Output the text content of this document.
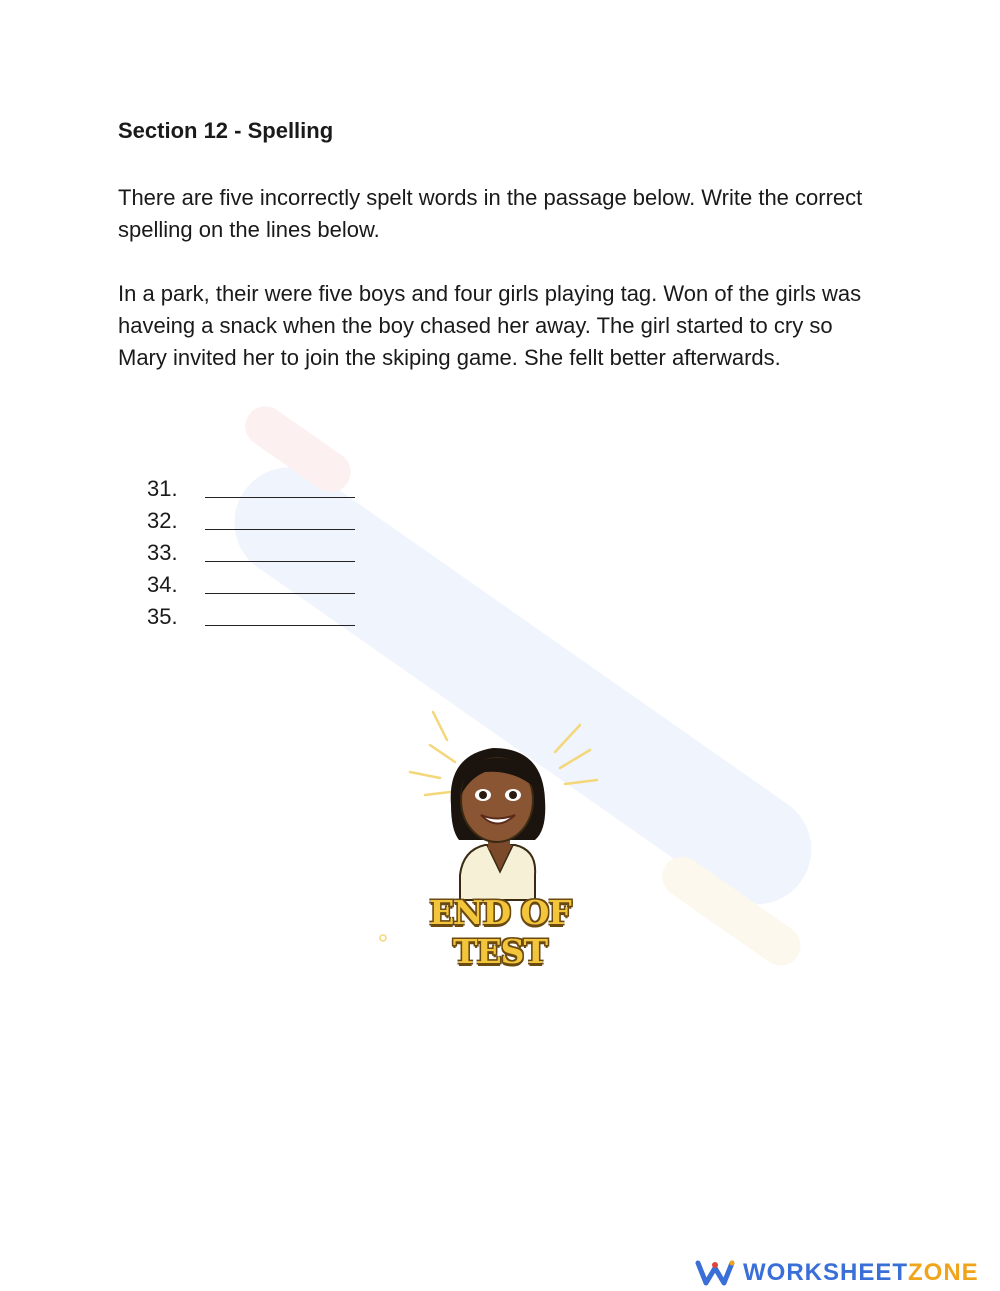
Section 12 - Spelling
There are five incorrectly spelt words in the passage below. Write the correct spelling on the lines below.
In a park, their were five boys and four girls playing tag. Won of the girls was haveing a snack when the boy chased her away. The girl started to cry so Mary invited her to join the skiping game. She fellt better afterwards.
31.
32.
33.
34.
35.
END OF TEST
WORKSHEETZONE
